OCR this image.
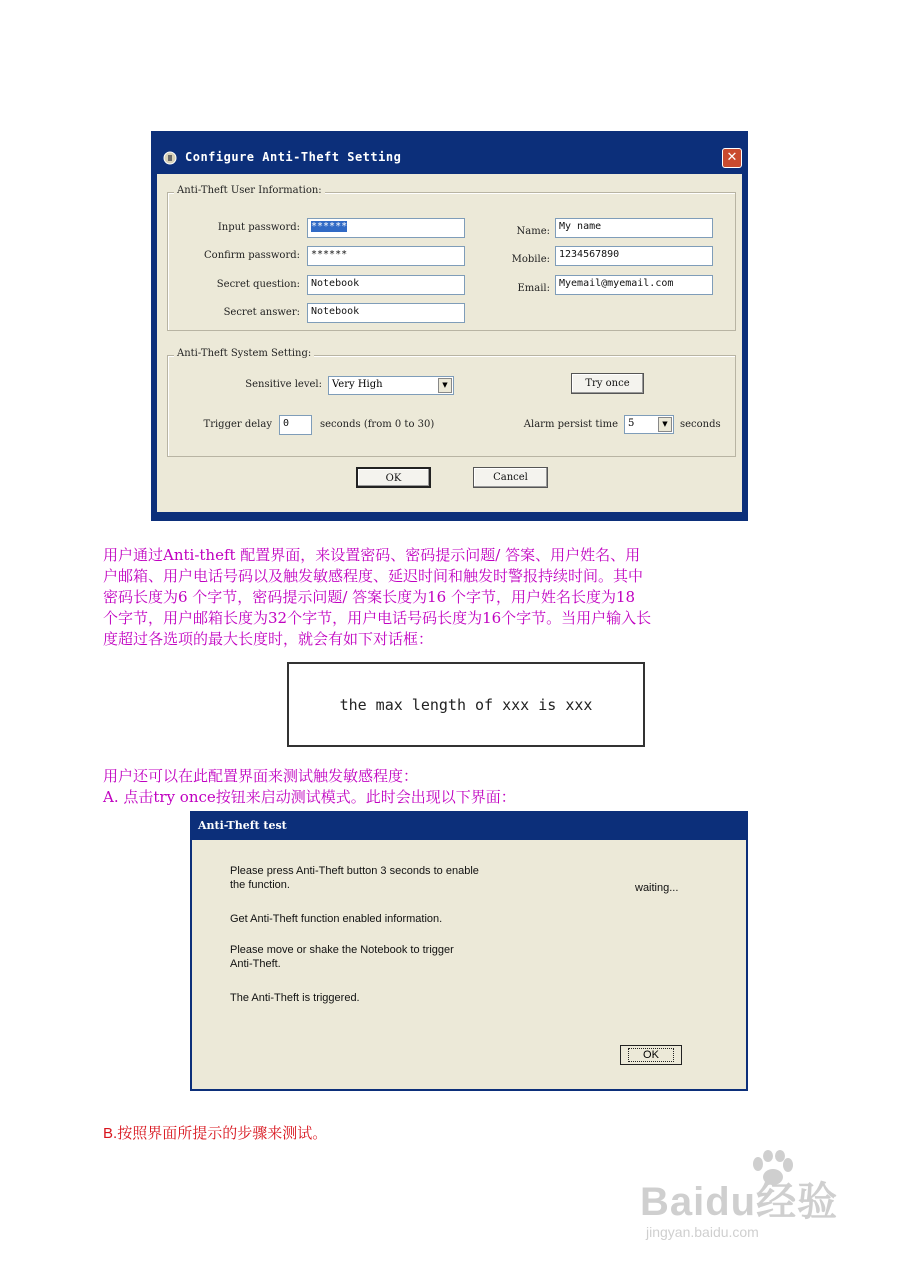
Configure Anti-Theft Setting	✕
Anti-Theft User Information:
Input password:	******
Confirm password:	******
Secret question:	Notebook
Secret answer:	Notebook
Name: My name
Mobile: 1234567890
Email: Myemail@myemail.com
Anti-Theft System Setting:
Sensitive level:	Very High	▼	Try once
Trigger delay	0	seconds (from 0 to 30)	Alarm persist time	5	▼	seconds
OK	Cancel

用户通过Anti-theft 配置界面，来设置密码、密码提示问题/ 答案、用户姓名、用

户邮箱、用户电话号码以及触发敏感程度、延迟时间和触发时警报持续时间。其中

密码长度为6 个字节，密码提示问题/ 答案长度为16 个字节，用户姓名长度为18

个字节，用户邮箱长度为32个字节，用户电话号码长度为16个字节。当用户输入长

度超过各选项的最大长度时，就会有如下对话框：

the max length of xxx is xxx

用户还可以在此配置界面来测试触发敏感程度：

A. 点击try once按钮来启动测试模式。此时会出现以下界面：

Anti-Theft test
Please press Anti-Theft button 3 seconds to enable
the function.	waiting...
Get Anti-Theft function enabled information.
Please move or shake the Notebook to trigger
Anti-Theft.
The Anti-Theft is triggered.
OK
B.按照界面所提示的步骤来测试。
Baidu经验
jingyan.baidu.com
